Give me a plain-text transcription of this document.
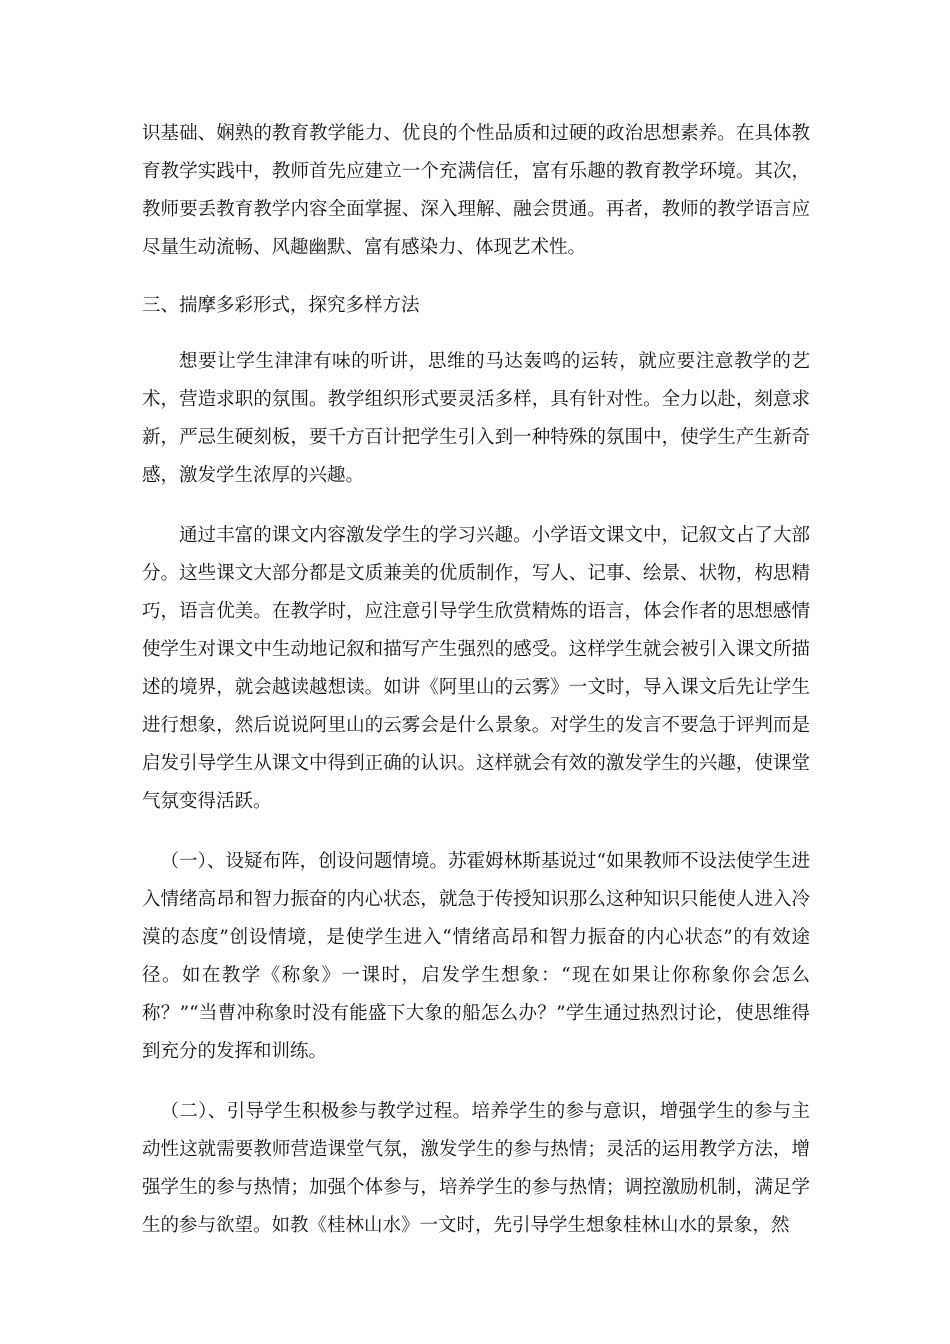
识基础、娴熟的教育教学能力、优良的个性品质和过硬的政治思想素养。在具体教育教学实践中，教师首先应建立一个充满信任，富有乐趣的教育教学环境。其次，教师要丢教育教学内容全面掌握、深入理解、融会贯通。再者，教师的教学语言应尽量生动流畅、风趣幽默、富有感染力、体现艺术性。

三、揣摩多彩形式，探究多样方法

想要让学生津津有味的听讲，思维的马达轰鸣的运转，就应要注意教学的艺术，营造求职的氛围。教学组织形式要灵活多样，具有针对性。全力以赴，刻意求新，严忌生硬刻板，要千方百计把学生引入到一种特殊的氛围中，使学生产生新奇感，激发学生浓厚的兴趣。

通过丰富的课文内容激发学生的学习兴趣。小学语文课文中，记叙文占了大部分。这些课文大部分都是文质兼美的优质制作，写人、记事、绘景、状物，构思精巧，语言优美。在教学时，应注意引导学生欣赏精炼的语言，体会作者的思想感情使学生对课文中生动地记叙和描写产生强烈的感受。这样学生就会被引入课文所描述的境界，就会越读越想读。如讲《阿里山的云雾》一文时，导入课文后先让学生进行想象，然后说说阿里山的云雾会是什么景象。对学生的发言不要急于评判而是启发引导学生从课文中得到正确的认识。这样就会有效的激发学生的兴趣，使课堂气氛变得活跃。

（一）、设疑布阵，创设问题情境。苏霍姆林斯基说过“如果教师不设法使学生进入情绪高昂和智力振奋的内心状态，就急于传授知识那么这种知识只能使人进入冷漠的态度”创设情境，是使学生进入“情绪高昂和智力振奋的内心状态”的有效途径。如在教学《称象》一课时，启发学生想象：“现在如果让你称象你会怎么称？”“当曹冲称象时没有能盛下大象的船怎么办？”学生通过热烈讨论，使思维得到充分的发挥和训练。

（二）、引导学生积极参与教学过程。培养学生的参与意识，增强学生的参与主动性这就需要教师营造课堂气氛，激发学生的参与热情；灵活的运用教学方法，增强学生的参与热情；加强个体参与，培养学生的参与热情；调控激励机制，满足学生的参与欲望。如教《桂林山水》一文时，先引导学生想象桂林山水的景象，然
